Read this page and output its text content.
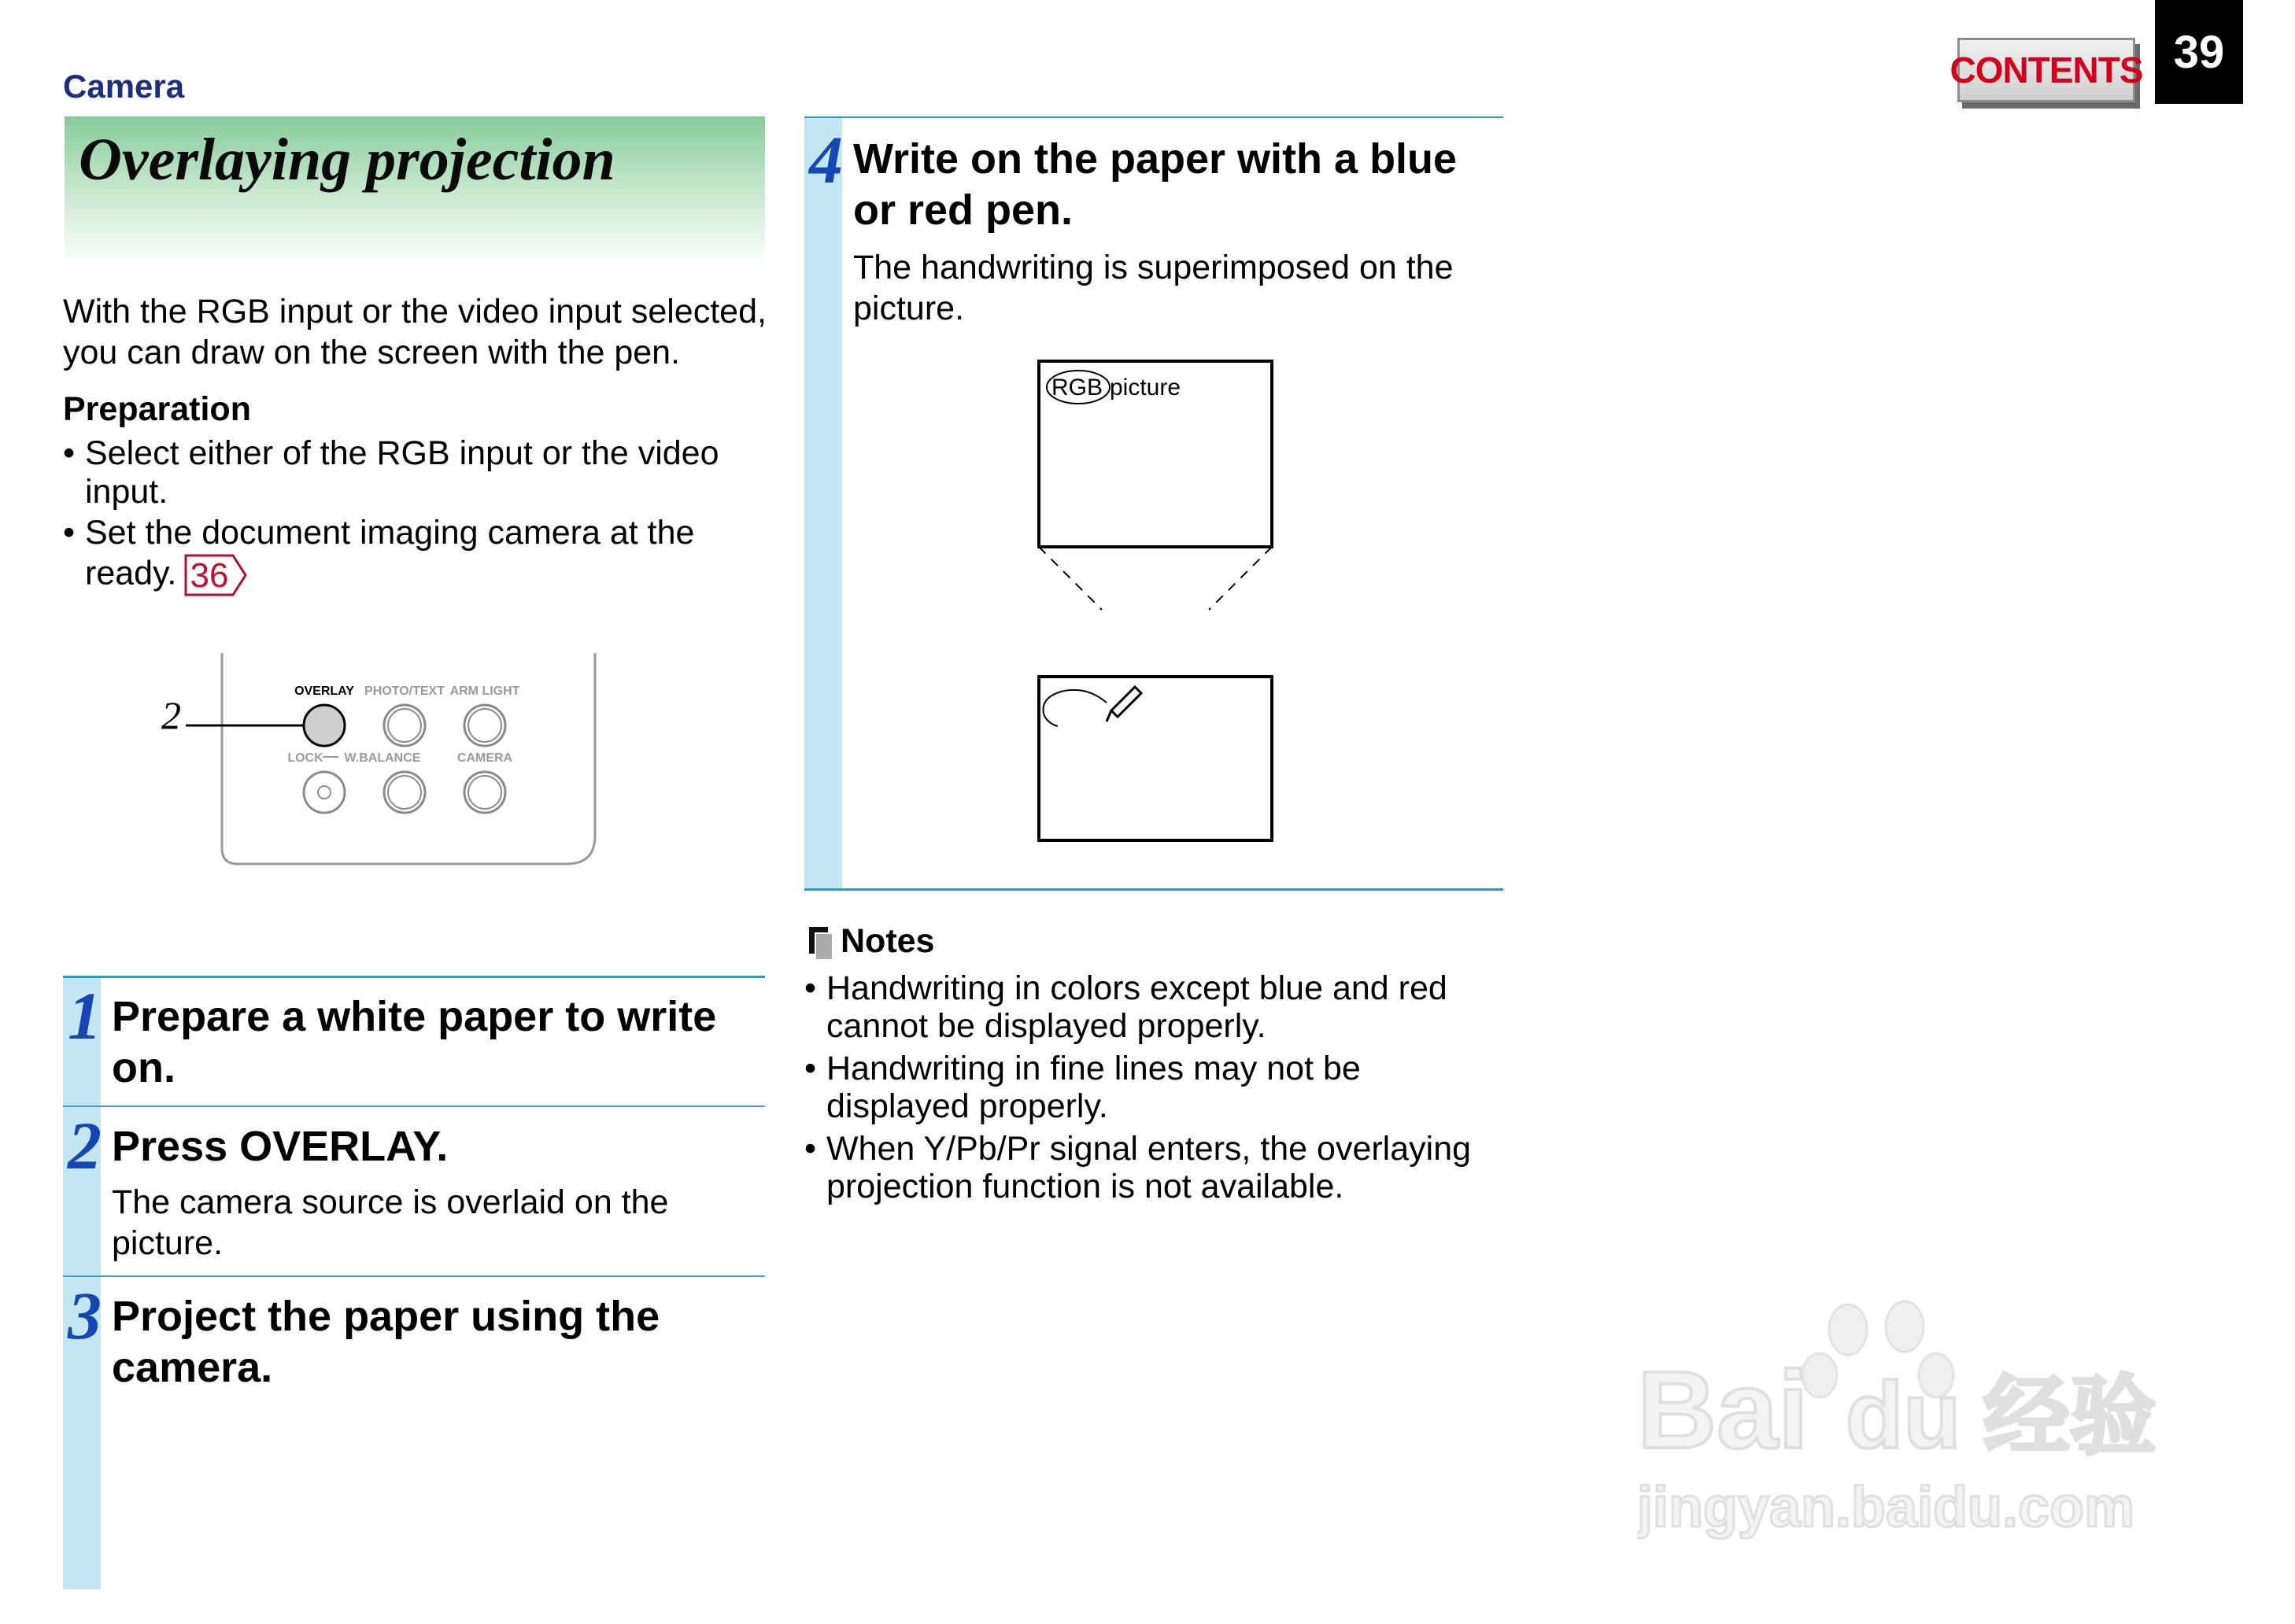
Camera	CONTENTS 39
Overlaying projection
With the RGB input or the video input selected, you can draw on the screen with the pen.
Preparation
• Select either of the RGB input or the video input.
• Set the document imaging camera at the ready. 36
2
OVERLAY PHOTO/TEXT ARM LIGHT
LOCK W.BALANCE	CAMERA
1 Prepare a white paper to write on.
2 Press OVERLAY.
The camera source is overlaid on the picture.
3 Project the paper using the camera.
4 Write on the paper with a blue or red pen.
The handwriting is superimposed on the picture.
RGB picture
Notes
• Handwriting in colors except blue and red cannot be displayed properly.
• Handwriting in fine lines may not be displayed properly.
• When Y/Pb/Pr signal enters, the overlaying projection function is not available.
Bai du 经验
jingyan.baidu.com
